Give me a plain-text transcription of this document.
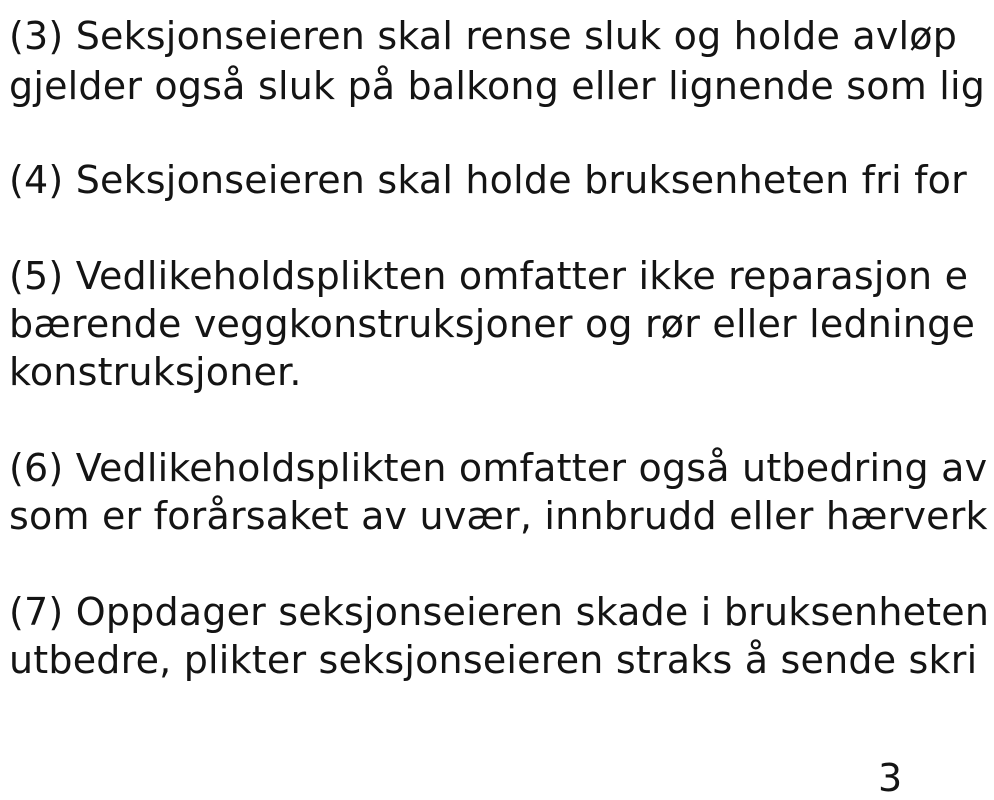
(3) Seksjonseieren skal rense sluk og holde avløp
gjelder også sluk på balkong eller lignende som lig
(4) Seksjonseieren skal holde bruksenheten fri for
(5) Vedlikeholdsplikten omfatter ikke reparasjon e
bærende veggkonstruksjoner og rør eller ledninge
konstruksjoner.
(6) Vedlikeholdsplikten omfatter også utbedring av
som er forårsaket av uvær, innbrudd eller hærverk
(7) Oppdager seksjonseieren skade i bruksenheten
utbedre, plikter seksjonseieren straks å sende skri
3
